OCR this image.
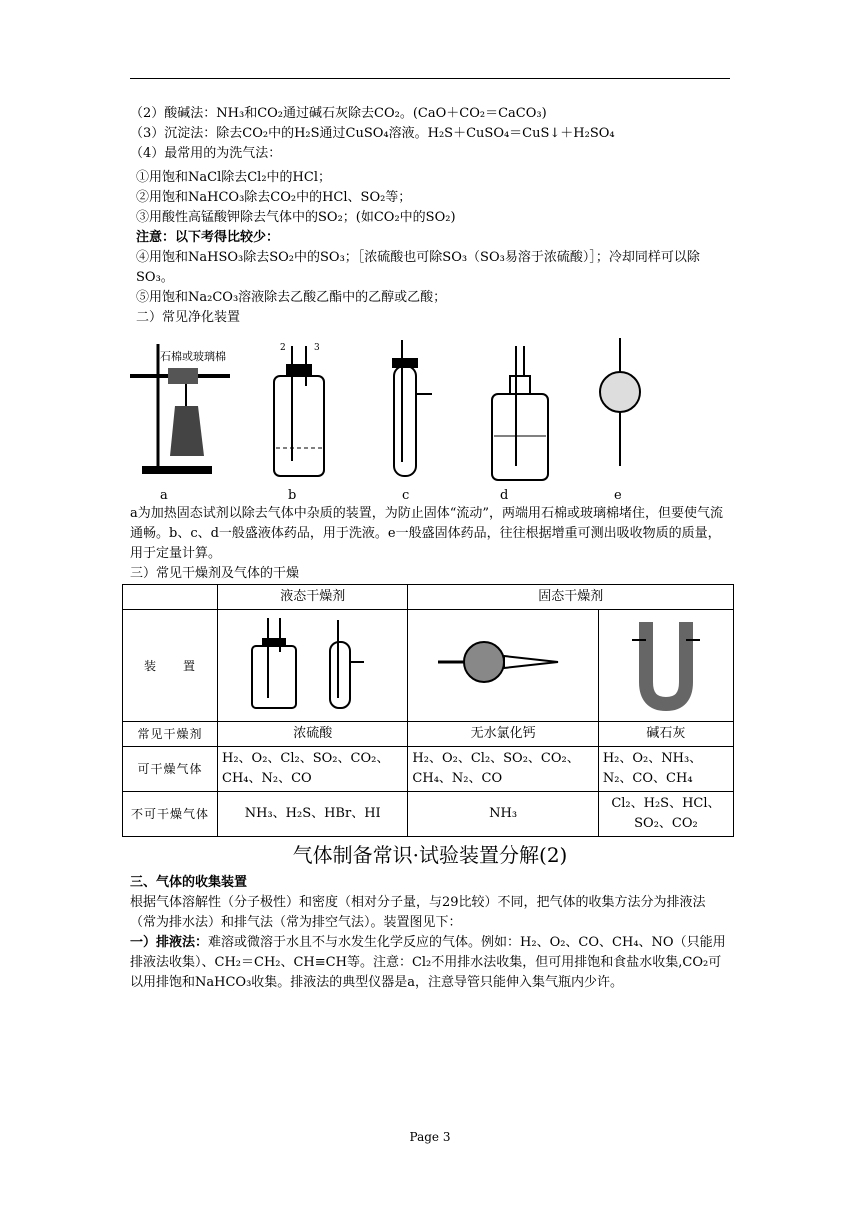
（2）酸碱法：NH₃和CO₂通过碱石灰除去CO₂。(CaO＋CO₂＝CaCO₃)
（3）沉淀法：除去CO₂中的H₂S通过CuSO₄溶液。H₂S＋CuSO₄＝CuS↓＋H₂SO₄
（4）最常用的为洗气法：
①用饱和NaCl除去Cl₂中的HCl；
②用饱和NaHCO₃除去CO₂中的HCl、SO₂等；
③用酸性高锰酸钾除去气体中的SO₂；(如CO₂中的SO₂)
注意：以下考得比较少：
④用饱和NaHSO₃除去SO₂中的SO₃；［浓硫酸也可除SO₃（SO₃易溶于浓硫酸）］；冷却同样可以除SO₃。
⑤用饱和Na₂CO₃溶液除去乙酸乙酯中的乙醇或乙酸；
二）常见净化装置
石棉或玻璃棉
2	3
a	b	c	d	e
a为加热固态试剂以除去气体中杂质的装置，为防止固体“流动”，两端用石棉或玻璃棉堵住，但要使气流通畅。b、c、d一般盛液体药品，用于洗液。e一般盛固体药品，往往根据增重可测出吸收物质的质量，用于定量计算。
三）常见干燥剂及气体的干燥
	液态干燥剂	固态干燥剂	
装　　置			
常见干燥剂	浓硫酸	无水氯化钙	碱石灰
可干燥气体	H₂、O₂、Cl₂、SO₂、CO₂、CH₄、N₂、CO	H₂、O₂、Cl₂、SO₂、CO₂、CH₄、N₂、CO	H₂、O₂、NH₃、N₂、CO、CH₄
不可干燥气体	NH₃、H₂S、HBr、HI	NH₃	Cl₂、H₂S、HCl、SO₂、CO₂
气体制备常识·试验装置分解(2)
三、气体的收集装置
根据气体溶解性（分子极性）和密度（相对分子量，与29比较）不同，把气体的收集方法分为排液法（常为排水法）和排气法（常为排空气法）。装置图见下：
一）排液法：难溶或微溶于水且不与水发生化学反应的气体。例如：H₂、O₂、CO、CH₄、NO（只能用排液法收集）、CH₂＝CH₂、CH≡CH等。注意：Cl₂不用排水法收集，但可用排饱和食盐水收集,CO₂可以用排饱和NaHCO₃收集。排液法的典型仪器是a，注意导管只能伸入集气瓶内少许。
Page 3
